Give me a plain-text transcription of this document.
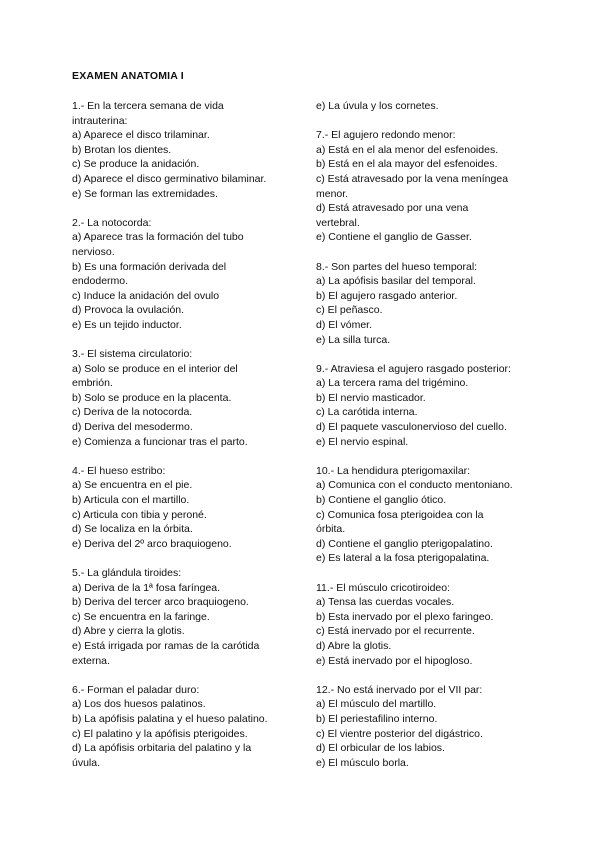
EXAMEN ANATOMIA I
1.- En la tercera semana de vida
intrauterina:
a) Aparece el disco trilaminar.
b) Brotan los dientes.
c) Se produce la anidación.
d) Aparece el disco germinativo bilaminar.
e) Se forman las extremidades.
2.- La notocorda:
a) Aparece tras la formación del tubo
nervioso.
b) Es una formación derivada del
endodermo.
c) Induce la anidación del ovulo
d) Provoca la ovulación.
e) Es un tejido inductor.
3.- El sistema circulatorio:
a) Solo se produce en el interior del
embrión.
b) Solo se produce en la placenta.
c) Deriva de la notocorda.
d) Deriva del mesodermo.
e) Comienza a funcionar tras el parto.
4.- El hueso estribo:
a) Se encuentra en el pie.
b) Articula con el martillo.
c) Articula con tibia y peroné.
d) Se localiza en la órbita.
e) Deriva del 2º arco braquiogeno.
5.- La glándula tiroides:
a) Deriva de la 1ª fosa faríngea.
b) Deriva del tercer arco braquiogeno.
c) Se encuentra en la faringe.
d) Abre y cierra la glotis.
e) Está irrigada por ramas de la carótida
externa.
6.- Forman el paladar duro:
a) Los dos huesos palatinos.
b) La apófisis palatina y el hueso palatino.
c) El palatino y la apófisis pterigoides.
d) La apófisis orbitaria del palatino y la
úvula.
e) La úvula y los cornetes.
7.- El agujero redondo menor:
a) Está en el ala menor del esfenoides.
b) Está en el ala mayor del esfenoides.
c) Está atravesado por la vena meníngea
menor.
d) Está atravesado por una vena
vertebral.
e) Contiene el ganglio de Gasser.
8.- Son partes del hueso temporal:
a) La apófisis basilar del temporal.
b) El agujero rasgado anterior.
c) El peñasco.
d) El vómer.
e) La silla turca.
9.- Atraviesa el agujero rasgado posterior:
a) La tercera rama del trigémino.
b) El nervio masticador.
c) La carótida interna.
d) El paquete vasculonervioso del cuello.
e) El nervio espinal.
10.- La hendidura pterigomaxilar:
a) Comunica con el conducto mentoniano.
b) Contiene el ganglio ótico.
c) Comunica fosa pterigoidea con la
órbita.
d) Contiene el ganglio pterigopalatino.
e) Es lateral a la fosa pterigopalatina.
11.- El músculo cricotiroideo:
a) Tensa las cuerdas vocales.
b) Esta inervado por el plexo faringeo.
c) Está inervado por el recurrente.
d) Abre la glotis.
e) Está inervado por el hipogloso.
12.- No está inervado por el VII par:
a) El músculo del martillo.
b) El periestafilino interno.
c) El vientre posterior del digástrico.
d) El orbicular de los labios.
e) El músculo borla.
